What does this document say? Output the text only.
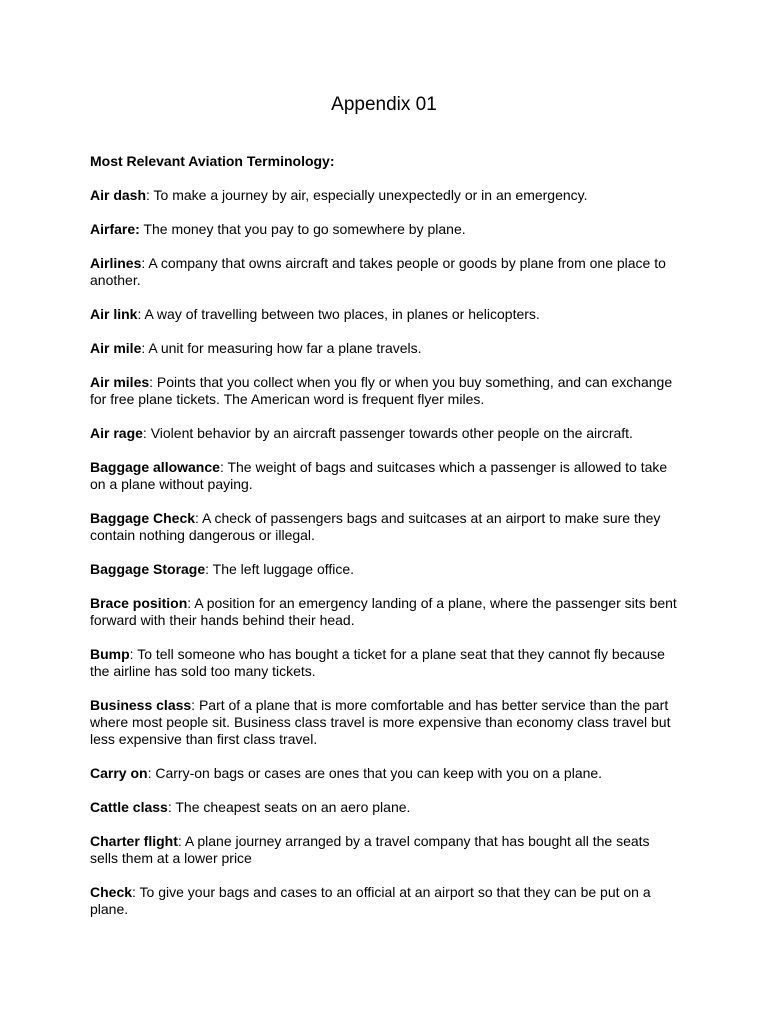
Appendix 01

Most Relevant Aviation Terminology:

Air dash: To make a journey by air, especially unexpectedly or in an emergency.

Airfare: The money that you pay to go somewhere by plane.

Airlines: A company that owns aircraft and takes people or goods by plane from one place to another.

Air link: A way of travelling between two places, in planes or helicopters.

Air mile: A unit for measuring how far a plane travels.

Air miles: Points that you collect when you fly or when you buy something, and can exchange for free plane tickets. The American word is frequent flyer miles.

Air rage: Violent behavior by an aircraft passenger towards other people on the aircraft.

Baggage allowance: The weight of bags and suitcases which a passenger is allowed to take on a plane without paying.

Baggage Check: A check of passengers bags and suitcases at an airport to make sure they contain nothing dangerous or illegal.

Baggage Storage: The left luggage office.

Brace position: A position for an emergency landing of a plane, where the passenger sits bent forward with their hands behind their head.

Bump: To tell someone who has bought a ticket for a plane seat that they cannot fly because the airline has sold too many tickets.

Business class: Part of a plane that is more comfortable and has better service than the part where most people sit. Business class travel is more expensive than economy class travel but less expensive than first class travel.

Carry on: Carry-on bags or cases are ones that you can keep with you on a plane.

Cattle class: The cheapest seats on an aero plane.

Charter flight: A plane journey arranged by a travel company that has bought all the seats sells them at a lower price

Check: To give your bags and cases to an official at an airport so that they can be put on a plane.
